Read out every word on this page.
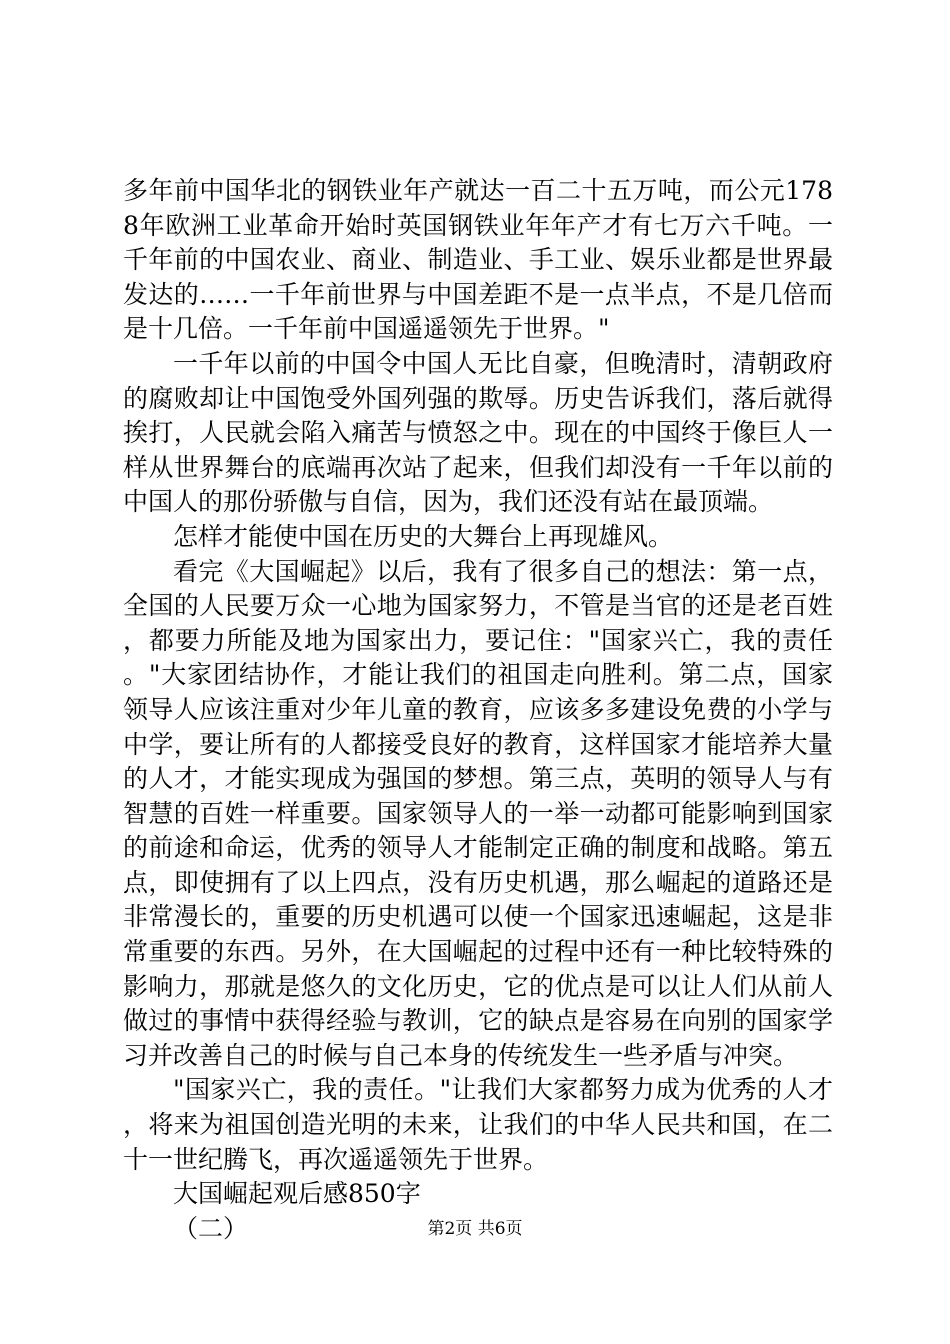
多年前中国华北的钢铁业年产就达一百二十五万吨，而公元1788年欧洲工业革命开始时英国钢铁业年年产才有七万六千吨。一千年前的中国农业、商业、制造业、手工业、娱乐业都是世界最发达的……一千年前世界与中国差距不是一点半点，不是几倍而是十几倍。一千年前中国遥遥领先于世界。"

一千年以前的中国令中国人无比自豪，但晚清时，清朝政府的腐败却让中国饱受外国列强的欺辱。历史告诉我们，落后就得挨打，人民就会陷入痛苦与愤怒之中。现在的中国终于像巨人一样从世界舞台的底端再次站了起来，但我们却没有一千年以前的中国人的那份骄傲与自信，因为，我们还没有站在最顶端。

怎样才能使中国在历史的大舞台上再现雄风。

看完《大国崛起》以后，我有了很多自己的想法：第一点，全国的人民要万众一心地为国家努力，不管是当官的还是老百姓，都要力所能及地为国家出力，要记住："国家兴亡，我的责任。"大家团结协作，才能让我们的祖国走向胜利。第二点，国家领导人应该注重对少年儿童的教育，应该多多建设免费的小学与中学，要让所有的人都接受良好的教育，这样国家才能培养大量的人才，才能实现成为强国的梦想。第三点，英明的领导人与有智慧的百姓一样重要。国家领导人的一举一动都可能影响到国家的前途和命运，优秀的领导人才能制定正确的制度和战略。第五点，即使拥有了以上四点，没有历史机遇，那么崛起的道路还是非常漫长的，重要的历史机遇可以使一个国家迅速崛起，这是非常重要的东西。另外，在大国崛起的过程中还有一种比较特殊的影响力，那就是悠久的文化历史，它的优点是可以让人们从前人做过的事情中获得经验与教训，它的缺点是容易在向别的国家学习并改善自己的时候与自己本身的传统发生一些矛盾与冲突。

"国家兴亡，我的责任。"让我们大家都努力成为优秀的人才，将来为祖国创造光明的未来，让我们的中华人民共和国，在二十一世纪腾飞，再次遥遥领先于世界。

大国崛起观后感850字

（二）	第2页 共6页
